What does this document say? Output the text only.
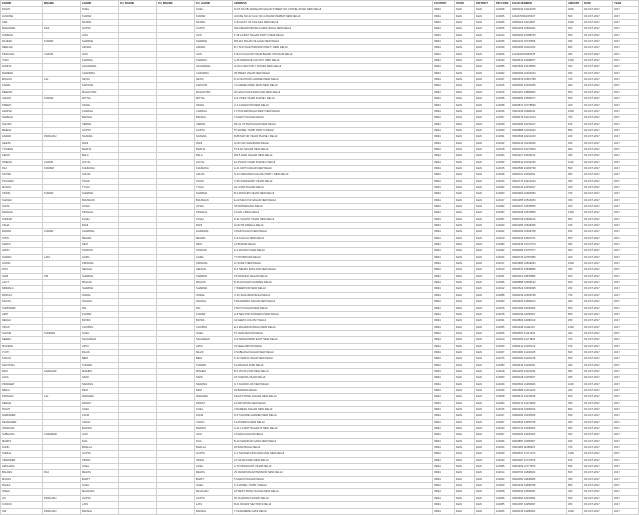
FNAME	MNAME	LNAME	FH_FNAME	FH_MNAME	FH_LNAME	ADDRESS	COUNTRY	STATE	DISTRICT	PIN CODE	FOLIO NUMBER	AMOUNT	DATE	YEAR
ROHIT		GOEL			GOEL	FLAT NO.3B JAWAHAR NAGAR STREET NO.3 PATEL ROAD NEW DELHI	INDIA	Delhi	Delhi	110008	IN302236 10012345	2000	03-OCT-2017	2017
JAGDISH		KUMAR			KUMAR	HOUSE NO.22 GALI NO.4 ANAND PARBAT NEW DELHI	INDIA	Delhi	Delhi	110005	1204470000215647	500	03-OCT-2017	2017
ANIL		RAJPAL			RAJPAL	C-54 EAST OF KAILASH NEW DELHI	INDIA	Delhi	Delhi	110065	IN300118 10234567	1500	03-OCT-2017	2017
BHAGWAN	DAS	GUPTA			GUPTA	2521 BEADONPURA KAROL BAGH NEW DELHI	INDIA	Delhi	Delhi	110005	IN301209 10554321	400	03-OCT-2017	2017
SURESH		JAIN			JAIN	F-18 LAJPAT NAGAR PART II NEW DELHI	INDIA	Delhi	Delhi	110024	IN300206 10098765	600	03-OCT-2017	2017
RAJESH	KUMAR	SHARMA			SHARMA	WZ-110 PALAM VILLAGE NEW DELHI	INDIA	Delhi	Delhi	110045	IN301143 10776655	250	03-OCT-2017	2017
NEELAM		ARORA			ARORA	B-7 SOUTH EXTENSION PART I NEW DELHI	INDIA	Delhi	Delhi	110049	IN302365 10112233	800	03-OCT-2017	2017
PRAKASH	CHAND	JAIN			JAIN	1742 KUCHA PATI RAM BAZAR SITA RAM DELHI	INDIA	Delhi	Delhi	110006	1201910100345678	350	03-OCT-2017	2017
VIJAY		KHANNA			KHANNA	A-45 DEFENCE COLONY NEW DELHI	INDIA	Delhi	Delhi	110024	IN300513 10998877	1200	03-OCT-2017	2017
SUNITA		AGGARWAL			AGGARWAL	H.NO.9 SECTOR 7 ROHINI NEW DELHI	INDIA	Delhi	Delhi	110085	IN301549 10445566	300	03-OCT-2017	2017
RAMESH		CHANDRA			CHANDRA	45 PREET VIHAR NEW DELHI	INDIA	Delhi	Delhi	110092	IN300360 10223344	450	03-OCT-2017	2017
MOHAN	LAL	SETHI			SETHI	D-12 RAJOURI GARDEN NEW DELHI	INDIA	Delhi	Delhi	110027	IN302679 10667788	700	03-OCT-2017	2017
KAMAL		KAPOOR			KAPOOR	J-9 GREEN PARK MAIN NEW DELHI	INDIA	Delhi	Delhi	110016	IN300394 10334455	900	03-OCT-2017	2017
DEEPAK		MALHOTRA			MALHOTRA	32 HAUZ KHAS ENCLAVE NEW DELHI	INDIA	Delhi	Delhi	110016	IN301151 10889900	550	03-OCT-2017	2017
ASHOK	KUMAR	MITTAL			MITTAL	112 VIVEK VIHAR PHASE I DELHI	INDIA	Delhi	Delhi	110095	IN300484 10556677	650	03-OCT-2017	2017
PREETI		SINGH			SINGH	C-3 JANAKPURI NEW DELHI	INDIA	Delhi	Delhi	110058	IN302871 10778899	200	03-OCT-2017	2017
HARISH		CHAWLA			CHAWLA	17 PUNJABI BAGH WEST NEW DELHI	INDIA	Delhi	Delhi	110026	IN301330 10990011	1000	03-OCT-2017	2017
NARESH		BANSAL			BANSAL	4 SHAKTI NAGAR DELHI	INDIA	Delhi	Delhi	110007	IN300476 10121314	750	03-OCT-2017	2017
SANJAY		VERMA			VERMA	RZ-21 UTTAM NAGAR NEW DELHI	INDIA	Delhi	Delhi	110059	IN302269 10151617	150	03-OCT-2017	2017
MEENA		GUPTA			GUPTA	57 MODEL TOWN PART III DELHI	INDIA	Delhi	Delhi	110009	IN300888 10181920	850	03-OCT-2017	2017
ANAND	PRAKASH	SAXENA			SAXENA	B-88 MAYUR VIHAR PHASE I DELHI	INDIA	Delhi	Delhi	110091	IN301696 10212223	400	03-OCT-2017	2017
GEETA		RANI			RANI	H.NO.310 SHAHDARA DELHI	INDIA	Delhi	Delhi	110032	IN300214 10242526	250	03-OCT-2017	2017
YOGESH		BHATIA			BHATIA	8 TILAK NAGAR NEW DELHI	INDIA	Delhi	Delhi	110018	IN302164 10272829	600	03-OCT-2017	2017
KIRAN		BALA			BALA	WZ-5 HARI NAGAR NEW DELHI	INDIA	Delhi	Delhi	110064	IN301127 10303132	300	03-OCT-2017	2017
DINESH	CHAND	GOYAL			GOYAL	16 ASHOK VIHAR PHASE II DELHI	INDIA	Delhi	Delhi	110052	IN300441 10333435	1100	03-OCT-2017	2017
RAJ	KUMARI	KHURANA			KHURANA	A-21 KIRTI NAGAR NEW DELHI	INDIA	Delhi	Delhi	110015	IN302583 10363738	500	03-OCT-2017	2017
SATISH		AHUJA			AHUJA	N-14 GREATER KAILASH PART I NEW DELHI	INDIA	Delhi	Delhi	110048	IN300011 10394041	950	03-OCT-2017	2017
POONAM		SOOD			SOOD	C-66 SARASWATI VIHAR DELHI	INDIA	Delhi	Delhi	110034	IN301774 10424344	350	03-OCT-2017	2017
MANOJ		TYAGI			TYAGI	22 LAXMI NAGAR DELHI	INDIA	Delhi	Delhi	110092	IN300126 10454647	200	03-OCT-2017	2017
VINOD	KUMAR	SHARMA			SHARMA	B-4 PASCHIM VIHAR NEW DELHI	INDIA	Delhi	Delhi	110063	IN302902 10484950	700	03-OCT-2017	2017
SHASHI		BHUSHAN			BHUSHAN	E-19 MALVIYA NAGAR NEW DELHI	INDIA	Delhi	Delhi	110017	IN301055 10515253	450	03-OCT-2017	2017
ANITA		JOSHI			JOSHI	78 PATPARGANJ DELHI	INDIA	Delhi	Delhi	110092	IN300327 10545556	300	03-OCT-2017	2017
RAKESH		SINGHAL			SINGHAL	9 CIVIL LINES DELHI	INDIA	Delhi	Delhi	110054	IN302018 10575859	1300	03-OCT-2017	2017
SUDHIR		KOHLI			KOHLI	D-31 VASANT VIHAR NEW DELHI	INDIA	Delhi	Delhi	110057	IN300765 10606162	800	03-OCT-2017	2017
USHA		RANI			RANI	H.NO.55 NARELA DELHI	INDIA	Delhi	Delhi	110040	IN301283 10636465	150	03-OCT-2017	2017
PAWAN	KUMAR	AGARWAL			AGARWAL	3 DARYAGANJ NEW DELHI	INDIA	Delhi	Delhi	110002	IN300183 10666768	650	03-OCT-2017	2017
NITIN		MEHRA			MEHRA	F-9 KALKAJI NEW DELHI	INDIA	Delhi	Delhi	110019	IN302316 10697071	550	03-OCT-2017	2017
SAROJ		DEVI			DEVI	12 BURARI DELHI	INDIA	Delhi	Delhi	110084	IN301436 10727374	250	03-OCT-2017	2017
ARUN		TANDON			TANDON	A-2 ANAND VIHAR DELHI	INDIA	Delhi	Delhi	110092	IN300095 10757677	900	03-OCT-2017	2017
SUMAN	LATA	GARG			GARG	77 PITAMPURA DELHI	INDIA	Delhi	Delhi	110034	IN302740 10787980	400	03-OCT-2017	2017
GOPAL		KRISHNA			KRISHNA	11 SAKET NEW DELHI	INDIA	Delhi	Delhi	110017	IN301895 10818283	1000	03-OCT-2017	2017
RITU		SEHGAL			SEHGAL	R-6 NEHRU ENCLAVE NEW DELHI	INDIA	Delhi	Delhi	110019	IN300570 10848586	350	03-OCT-2017	2017
HARI	OM	SHARMA			SHARMA	23 KRISHNA NAGAR DELHI	INDIA	Delhi	Delhi	110051	IN302119 10878889	200	03-OCT-2017	2017
LALIT		MOHAN			MOHAN	B-15 DILSHAD GARDEN DELHI	INDIA	Delhi	Delhi	110095	IN300858 10909192	600	03-OCT-2017	2017
NIRMALA		SHARMA			SHARMA	7 INDERPURI NEW DELHI	INDIA	Delhi	Delhi	110012	IN301522 10939495	300	03-OCT-2017	2017
PANKAJ		JINDAL			JINDAL	C-40 SHALIMAR BAGH DELHI	INDIA	Delhi	Delhi	110088	IN300239 10969798	750	03-OCT-2017	2017
KAVITA		NAGPAL			NAGPAL	5 RAJENDRA NAGAR NEW DELHI	INDIA	Delhi	Delhi	110060	IN302463 10990102	450	03-OCT-2017	2017
SURINDER		PAL			PAL	2 MOTI NAGAR NEW DELHI	INDIA	Delhi	Delhi	110015	IN301063 11020304	550	03-OCT-2017	2017
AMIT		KUMAR			KUMAR	H-8 SECTOR 3 DWARKA NEW DELHI	INDIA	Delhi	Delhi	110078	IN300159 11050607	850	03-OCT-2017	2017
REKHA		BATRA			BATRA	44 GEETA COLONY DELHI	INDIA	Delhi	Delhi	110031	IN302803 11080910	250	03-OCT-2017	2017
VIKAS		CHOPRA			CHOPRA	E-2 MAHARANI BAGH NEW DELHI	INDIA	Delhi	Delhi	110065	IN301349 11111213	1200	03-OCT-2017	2017
SHYAM	SUNDER	GOEL			GOEL	15 JAMA MASJID DELHI	INDIA	Delhi	Delhi	110006	IN300597 11141516	400	03-OCT-2017	2017
NEERA		SACHDEVA			SACHDEVA	A-9 NIZAMUDDIN EAST NEW DELHI	INDIA	Delhi	Delhi	110013	IN302066 11171819	700	03-OCT-2017	2017
MUKESH		ARYA			ARYA	33 SEELAMPUR DELHI	INDIA	Delhi	Delhi	110053	IN300412 11202122	150	03-OCT-2017	2017
JYOTI		MALIK			MALIK	9 SUBHASH NAGAR NEW DELHI	INDIA	Delhi	Delhi	110027	IN301960 11232425	500	03-OCT-2017	2017
TARUN		BEDI			BEDI	K-14 SARITA VIHAR NEW DELHI	INDIA	Delhi	Delhi	110076	IN300020 11262728	650	03-OCT-2017	2017
SANTOSH		KUMARI			KUMARI	61 MANGOLPURI DELHI	INDIA	Delhi	Delhi	110083	IN302449 11293031	300	03-OCT-2017	2017
RAVI	SHANKAR	MISHRA			MISHRA	B-3 VIKAS PURI NEW DELHI	INDIA	Delhi	Delhi	110018	IN301250 11323334	900	03-OCT-2017	2017
ALKA		SAINI			SAINI	18 YAMUNA VIHAR DELHI	INDIA	Delhi	Delhi	110053	IN300108 11353637	350	03-OCT-2017	2017
PRADEEP		NARANG			NARANG	C-7 ANAND LOK NEW DELHI	INDIA	Delhi	Delhi	110049	IN302691 11383940	1100	03-OCT-2017	2017
BIMLA		DEVI			DEVI	29 BAWANA DELHI	INDIA	Delhi	Delhi	110039	IN301586 11414243	200	03-OCT-2017	2017
KRISHAN	LAL	WADHWA			WADHWA	8 EAST PATEL NAGAR NEW DELHI	INDIA	Delhi	Delhi	110008	IN300672 11444546	600	03-OCT-2017	2017
SEEMA		RAWAT			RAWAT	21 MAYAPURI NEW DELHI	INDIA	Delhi	Delhi	110064	IN302174 11474849	450	03-OCT-2017	2017
ROHIT		GOEL			GOEL	4 RAMESH NAGAR NEW DELHI	INDIA	Delhi	Delhi	110015	IN301019 11505152	800	03-OCT-2017	2017
NARINDER		KAUR			KAUR	D-6 TAGORE GARDEN NEW DELHI	INDIA	Delhi	Delhi	110027	IN300394 11535455	550	03-OCT-2017	2017
DEVENDER		YADAV			YADAV	14 MUNIRKA NEW DELHI	INDIA	Delhi	Delhi	110067	IN302533 11565758	250	03-OCT-2017	2017
VANDANA		BHASIN			BHASIN	G-11 LAJPAT NAGAR III NEW DELHI	INDIA	Delhi	Delhi	110024	IN301712 11596061	950	03-OCT-2017	2017
SUBHASH	CHANDER	JAIN			JAIN	3 KAMLA NAGAR DELHI	INDIA	Delhi	Delhi	110007	IN300220 11626364	400	03-OCT-2017	2017
MAMTA		DUA			DUA	B-10 SHANKAR GARH NEW DELHI	INDIA	Delhi	Delhi	110096	IN302887 11656667	300	03-OCT-2017	2017
SUNIL		BHALLA			BHALLA	45 RANI BAGH DELHI	INDIA	Delhi	Delhi	110034	IN301183 11686970	700	03-OCT-2017	2017
SUDHA		GUPTA			GUPTA	C-1 SAFDARJUNG ENCLAVE NEW DELHI	INDIA	Delhi	Delhi	110029	IN300537 11717273	1300	03-OCT-2017	2017
VIRENDER		SINGH			SINGH	12 NAJAFGARH NEW DELHI	INDIA	Delhi	Delhi	110043	IN302097 11747576	150	03-OCT-2017	2017
ARCHANA		GOEL			GOEL	A-70 PRASHANT VIHAR DELHI	INDIA	Delhi	Delhi	110085	IN301469 11777879	650	03-OCT-2017	2017
BALDEV	RAJ	MEHTA			MEHTA	29 JANGPURA EXTENSION NEW DELHI	INDIA	Delhi	Delhi	110014	IN300763 11808182	500	03-OCT-2017	2017
MANJU		BHATT			BHATT	5 SHANTI NAGAR DELHI	INDIA	Delhi	Delhi	110052	IN302381 11838485	350	03-OCT-2017	2017
RAHUL		GOEL			GOEL	F-2 MODEL TOWN II DELHI	INDIA	Delhi	Delhi	110009	IN301916 11868788	850	03-OCT-2017	2017
NISHA		MAHAJAN			MAHAJAN	18 WEST PATEL NAGAR NEW DELHI	INDIA	Delhi	Delhi	110008	IN300450 11899091	400	03-OCT-2017	2017
JAI	PRAKASH	GUPTA			GUPTA	62 CHANDNI CHOWK DELHI	INDIA	Delhi	Delhi	110006	IN302650 11929394	600	03-OCT-2017	2017
KUSUM		LATA			LATA	B-41 ROHINI SECTOR 9 DELHI	INDIA	Delhi	Delhi	110085	IN301097 11959697	250	03-OCT-2017	2017
OM	PRAKASH	BANSAL			BANSAL	7 KASHMERE GATE DELHI	INDIA	Delhi	Delhi	110006	IN300315 11980001	1000	03-OCT-2017	2017
